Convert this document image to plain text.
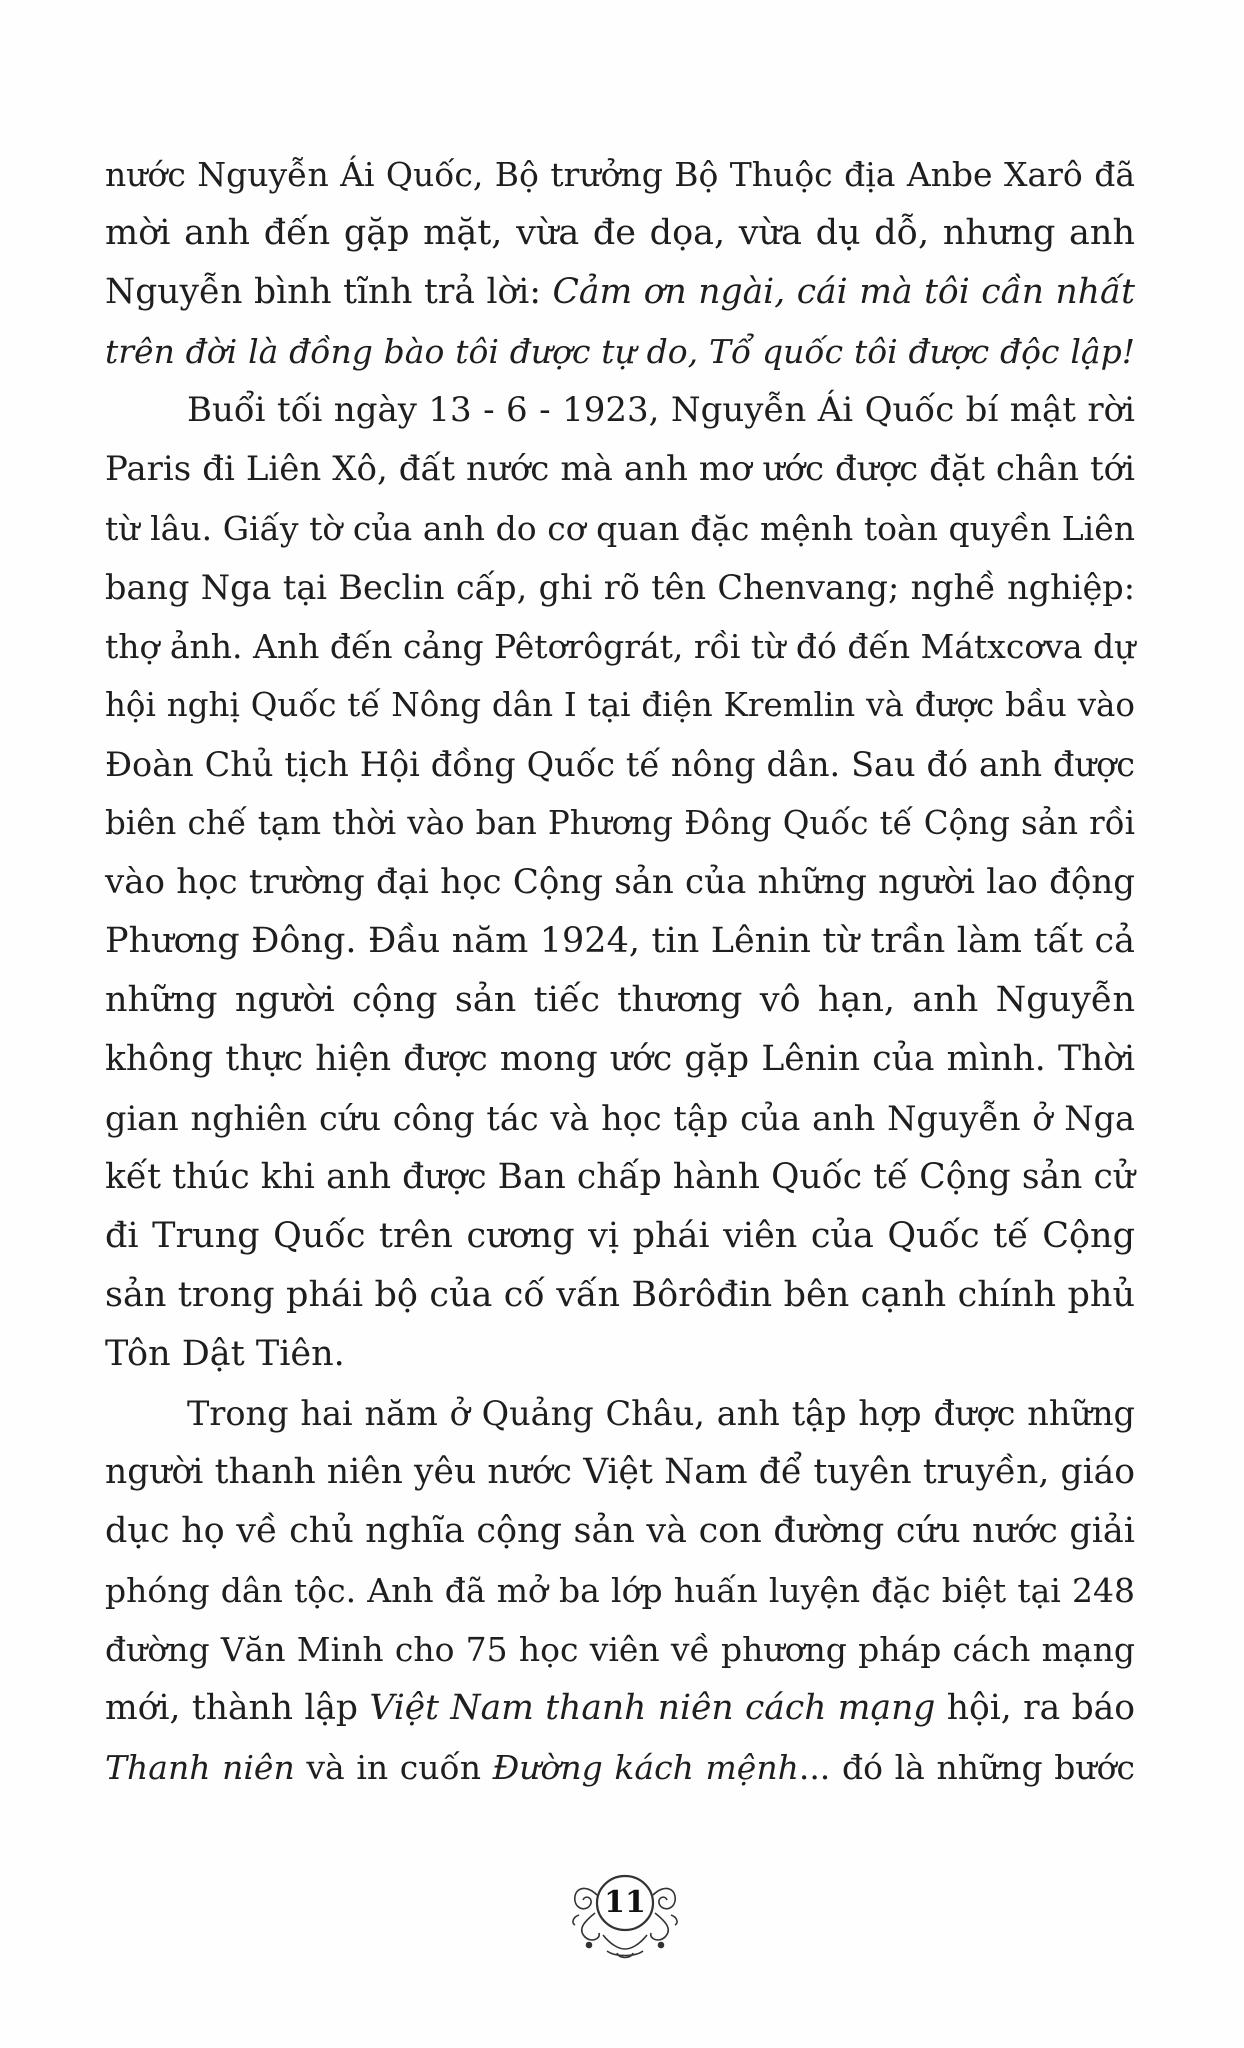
nước Nguyễn Ái Quốc, Bộ trưởng Bộ Thuộc địa Anbe Xarô đã
mời anh đến gặp mặt, vừa đe dọa, vừa dụ dỗ, nhưng anh
Nguyễn bình tĩnh trả lời: Cảm ơn ngài, cái mà tôi cần nhất
trên đời là đồng bào tôi được tự do, Tổ quốc tôi được độc lập!
Buổi tối ngày 13 - 6 - 1923, Nguyễn Ái Quốc bí mật rời
Paris đi Liên Xô, đất nước mà anh mơ ước được đặt chân tới
từ lâu. Giấy tờ của anh do cơ quan đặc mệnh toàn quyền Liên
bang Nga tại Beclin cấp, ghi rõ tên Chenvang; nghề nghiệp:
thợ ảnh. Anh đến cảng Pêtơrôgrát, rồi từ đó đến Mátxcơva dự
hội nghị Quốc tế Nông dân I tại điện Kremlin và được bầu vào
Đoàn Chủ tịch Hội đồng Quốc tế nông dân. Sau đó anh được
biên chế tạm thời vào ban Phương Đông Quốc tế Cộng sản rồi
vào học trường đại học Cộng sản của những người lao động
Phương Đông. Đầu năm 1924, tin Lênin từ trần làm tất cả
những người cộng sản tiếc thương vô hạn, anh Nguyễn
không thực hiện được mong ước gặp Lênin của mình. Thời
gian nghiên cứu công tác và học tập của anh Nguyễn ở Nga
kết thúc khi anh được Ban chấp hành Quốc tế Cộng sản cử
đi Trung Quốc trên cương vị phái viên của Quốc tế Cộng
sản trong phái bộ của cố vấn Bôrôđin bên cạnh chính phủ
Tôn Dật Tiên.
Trong hai năm ở Quảng Châu, anh tập hợp được những
người thanh niên yêu nước Việt Nam để tuyên truyền, giáo
dục họ về chủ nghĩa cộng sản và con đường cứu nước giải
phóng dân tộc. Anh đã mở ba lớp huấn luyện đặc biệt tại 248
đường Văn Minh cho 75 học viên về phương pháp cách mạng
mới, thành lập Việt Nam thanh niên cách mạng hội, ra báo
Thanh niên và in cuốn Đường kách mệnh... đó là những bước
11
